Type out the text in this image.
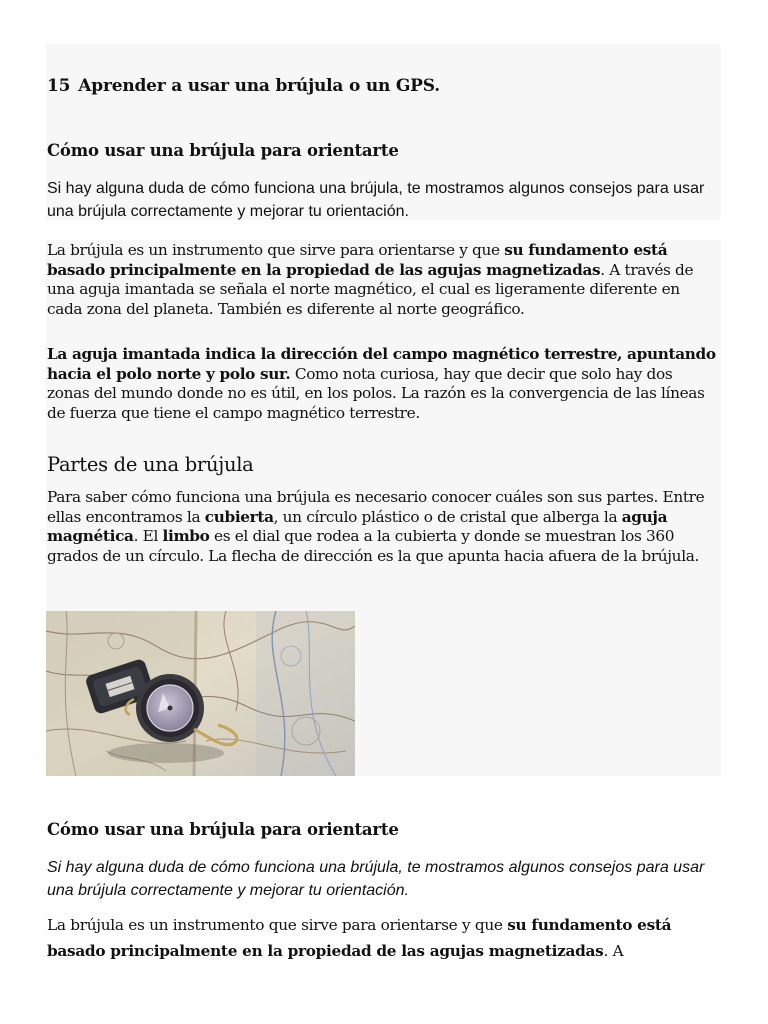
15 Aprender a usar una brújula o un GPS.
Cómo usar una brújula para orientarte

Si hay alguna duda de cómo funciona una brújula, te mostramos algunos consejos para usar una brújula correctamente y mejorar tu orientación.

La brújula es un instrumento que sirve para orientarse y que su fundamento está basado principalmente en la propiedad de las agujas magnetizadas. A través de una aguja imantada se señala el norte magnético, el cual es ligeramente diferente en cada zona del planeta. También es diferente al norte geográfico.

La aguja imantada indica la dirección del campo magnético terrestre, apuntando hacia el polo norte y polo sur. Como nota curiosa, hay que decir que solo hay dos zonas del mundo donde no es útil, en los polos. La razón es la convergencia de las líneas de fuerza que tiene el campo magnético terrestre.

Partes de una brújula

Para saber cómo funciona una brújula es necesario conocer cuáles son sus partes. Entre ellas encontramos la cubierta, un círculo plástico o de cristal que alberga la aguja magnética. El limbo es el dial que rodea a la cubierta y donde se muestran los 360 grados de un círculo. La flecha de dirección es la que apunta hacia afuera de la brújula.

Cómo usar una brújula para orientarte

Si hay alguna duda de cómo funciona una brújula, te mostramos algunos consejos para usar una brújula correctamente y mejorar tu orientación.

La brújula es un instrumento que sirve para orientarse y que su fundamento está basado principalmente en la propiedad de las agujas magnetizadas. A
